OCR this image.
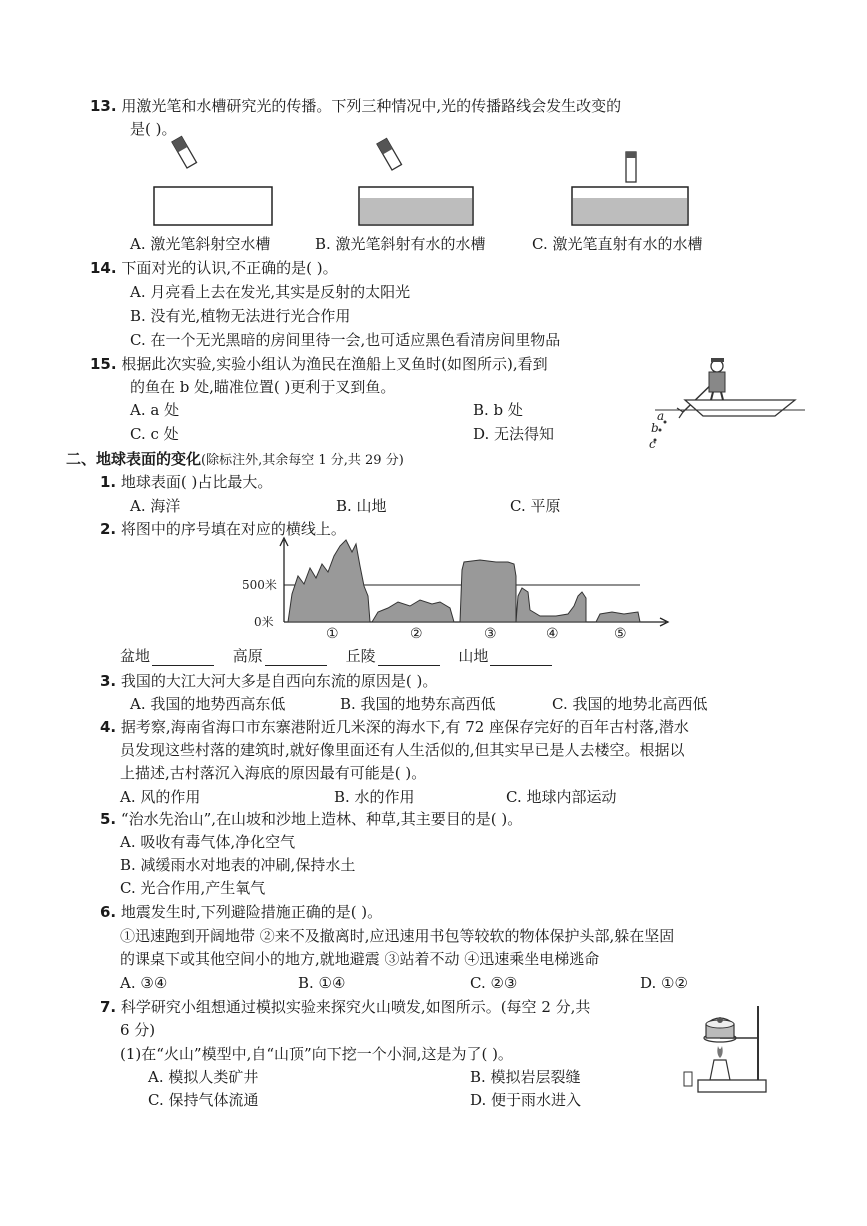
13. 用激光笔和水槽研究光的传播。下列三种情况中,光的传播路线会发生改变的
是( )。
A. 激光笔斜射空水槽	B. 激光笔斜射有水的水槽	C. 激光笔直射有水的水槽
14. 下面对光的认识,不正确的是( )。
A. 月亮看上去在发光,其实是反射的太阳光
B. 没有光,植物无法进行光合作用
C. 在一个无光黑暗的房间里待一会,也可适应黑色看清房间里物品
15. 根据此次实验,实验小组认为渔民在渔船上叉鱼时(如图所示),看到
的鱼在 b 处,瞄准位置( )更利于叉到鱼。
A. a 处	B. b 处
C. c 处	D. 无法得知
a
b
c
二、地球表面的变化(除标注外,其余每空 1 分,共 29 分)
1. 地球表面( )占比最大。
A. 海洋	B. 山地	C. 平原
2. 将图中的序号填在对应的横线上。
500米
0米
①	②	③	④	⑤
盆地	高原	丘陵	山地
3. 我国的大江大河大多是自西向东流的原因是( )。
A. 我国的地势西高东低	B. 我国的地势东高西低	C. 我国的地势北高西低
4. 据考察,海南省海口市东寨港附近几米深的海水下,有 72 座保存完好的百年古村落,潜水
员发现这些村落的建筑时,就好像里面还有人生活似的,但其实早已是人去楼空。根据以
上描述,古村落沉入海底的原因最有可能是( )。
A. 风的作用	B. 水的作用	C. 地球内部运动
5. “治水先治山”,在山坡和沙地上造林、种草,其主要目的是( )。
A. 吸收有毒气体,净化空气
B. 减缓雨水对地表的冲刷,保持水土
C. 光合作用,产生氧气
6. 地震发生时,下列避险措施正确的是( )。
①迅速跑到开阔地带 ②来不及撤离时,应迅速用书包等较软的物体保护头部,躲在坚固
的课桌下或其他空间小的地方,就地避震 ③站着不动 ④迅速乘坐电梯逃命
A. ③④	B. ①④	C. ②③	D. ①②
7. 科学研究小组想通过模拟实验来探究火山喷发,如图所示。(每空 2 分,共
6 分)
(1)在“火山”模型中,自“山顶”向下挖一个小洞,这是为了( )。
A. 模拟人类矿井	B. 模拟岩层裂缝
C. 保持气体流通	D. 便于雨水进入
